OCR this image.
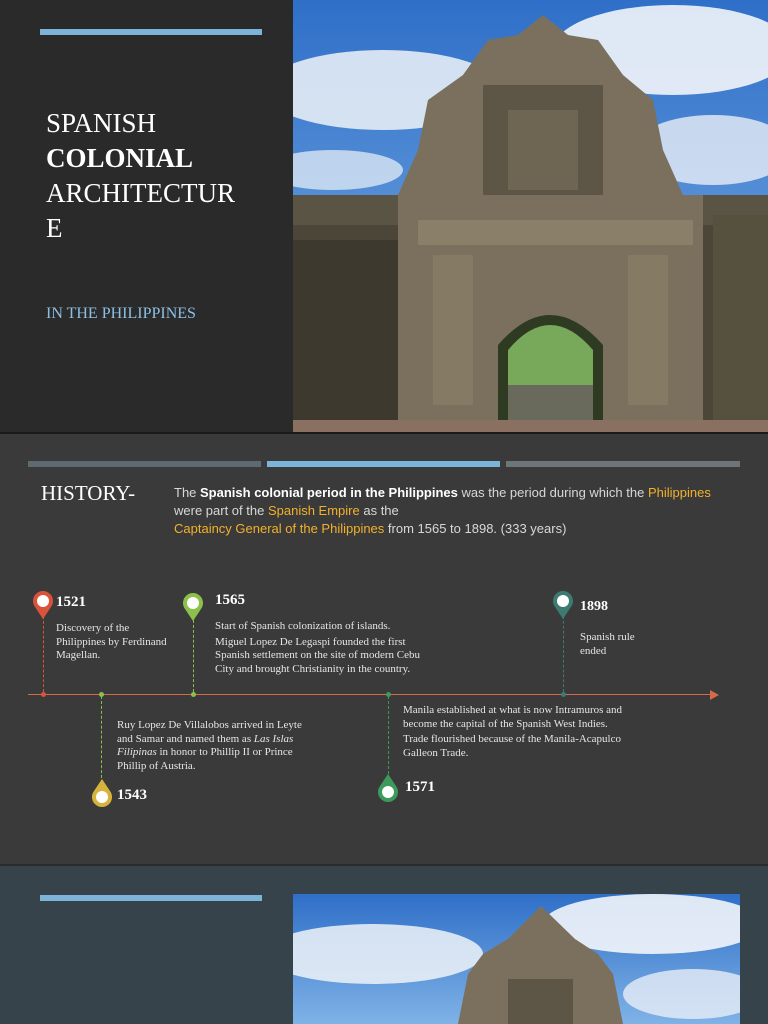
SPANISH
COLONIAL
ARCHITECTUR
E
IN THE PHILIPPINES
HISTORY-	The Spanish colonial period in the Philippines was the period during which the Philippines were part of the Spanish Empire as the
Captaincy General of the Philippines from 1565 to 1898. (333 years)
1521
Discovery of the Philippines by Ferdinand Magellan.
1543
Ruy Lopez De Villalobos arrived in Leyte and Samar and named them as Las Islas Filipinas in honor to Phillip II or Prince Phillip of Austria.
1565

Start of Spanish colonization of islands.

Miguel Lopez De Legaspi founded the first Spanish settlement on the site of modern Cebu City and brought Christianity in the country.

1571

Manila established at what is now Intramuros and become the capital of the Spanish West Indies.

Trade flourished because of the Manila-Acapulco Galleon Trade.

1898
Spanish rule ended
